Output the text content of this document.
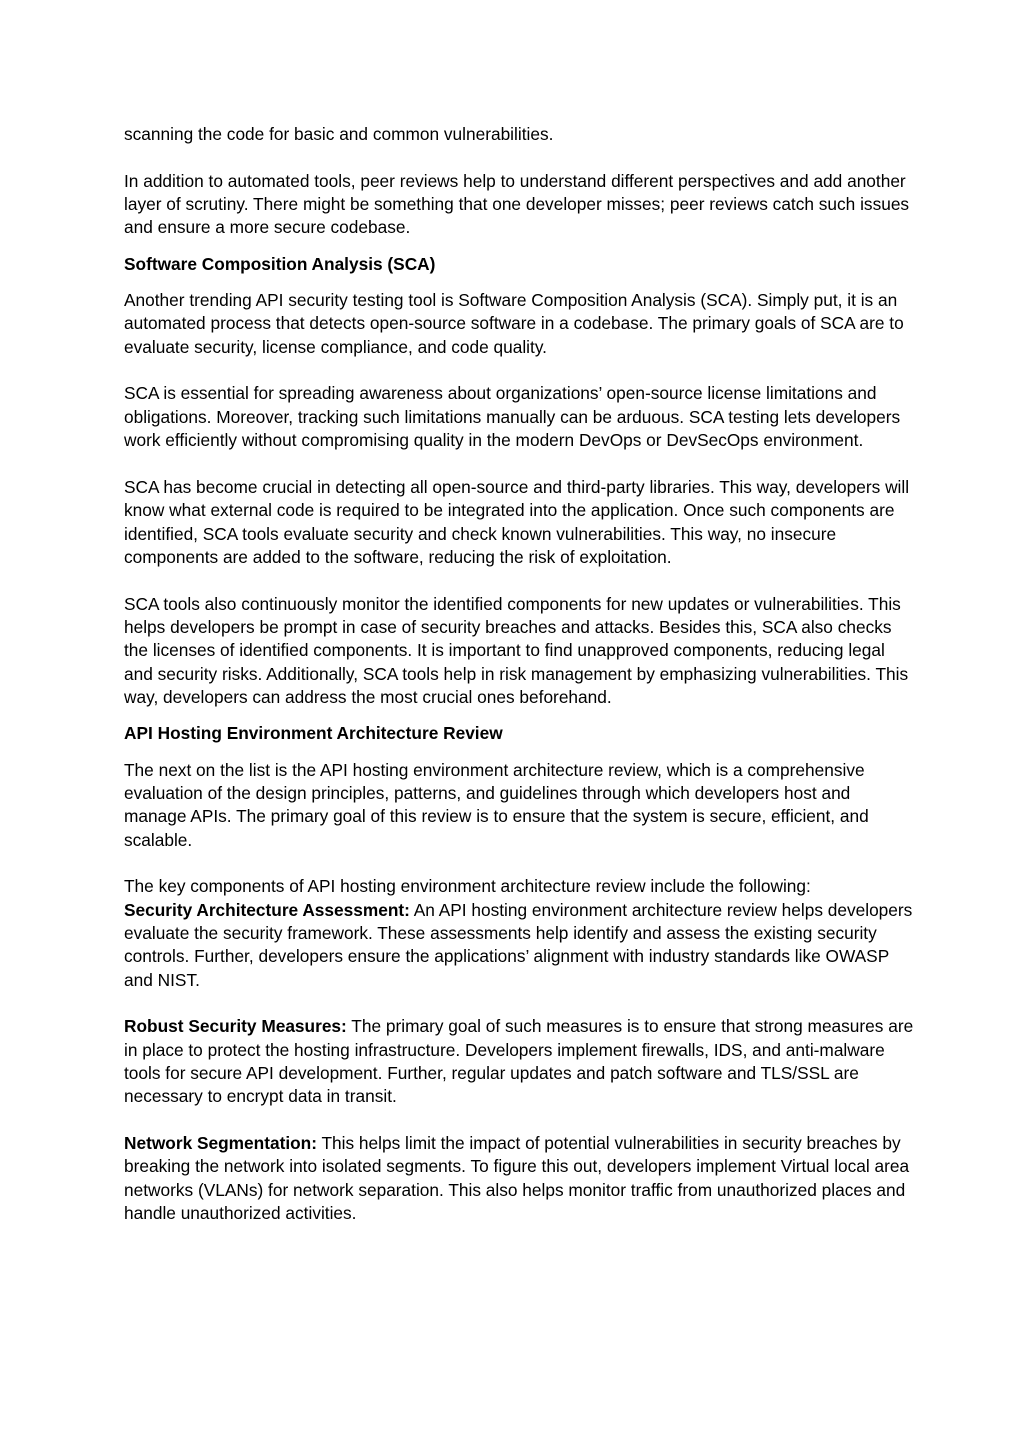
scanning the code for basic and common vulnerabilities.

In addition to automated tools, peer reviews help to understand different perspectives and add another layer of scrutiny. There might be something that one developer misses; peer reviews catch such issues and ensure a more secure codebase.

Software Composition Analysis (SCA)

Another trending API security testing tool is Software Composition Analysis (SCA). Simply put, it is an automated process that detects open-source software in a codebase. The primary goals of SCA are to evaluate security, license compliance, and code quality.

SCA is essential for spreading awareness about organizations’ open-source license limitations and obligations. Moreover, tracking such limitations manually can be arduous. SCA testing lets developers work efficiently without compromising quality in the modern DevOps or DevSecOps environment.

SCA has become crucial in detecting all open-source and third-party libraries. This way, developers will know what external code is required to be integrated into the application. Once such components are identified, SCA tools evaluate security and check known vulnerabilities. This way, no insecure components are added to the software, reducing the risk of exploitation.

SCA tools also continuously monitor the identified components for new updates or vulnerabilities. This helps developers be prompt in case of security breaches and attacks. Besides this, SCA also checks the licenses of identified components. It is important to find unapproved components, reducing legal and security risks. Additionally, SCA tools help in risk management by emphasizing vulnerabilities. This way, developers can address the most crucial ones beforehand.

API Hosting Environment Architecture Review

The next on the list is the API hosting environment architecture review, which is a comprehensive evaluation of the design principles, patterns, and guidelines through which developers host and manage APIs. The primary goal of this review is to ensure that the system is secure, efficient, and scalable.

The key components of API hosting environment architecture review include the following:

Security Architecture Assessment: An API hosting environment architecture review helps developers evaluate the security framework. These assessments help identify and assess the existing security controls. Further, developers ensure the applications’ alignment with industry standards like OWASP and NIST.

Robust Security Measures: The primary goal of such measures is to ensure that strong measures are in place to protect the hosting infrastructure. Developers implement firewalls, IDS, and anti-malware tools for secure API development. Further, regular updates and patch software and TLS/SSL are necessary to encrypt data in transit.

Network Segmentation: This helps limit the impact of potential vulnerabilities in security breaches by breaking the network into isolated segments. To figure this out, developers implement Virtual local area networks (VLANs) for network separation. This also helps monitor traffic from unauthorized places and handle unauthorized activities.
